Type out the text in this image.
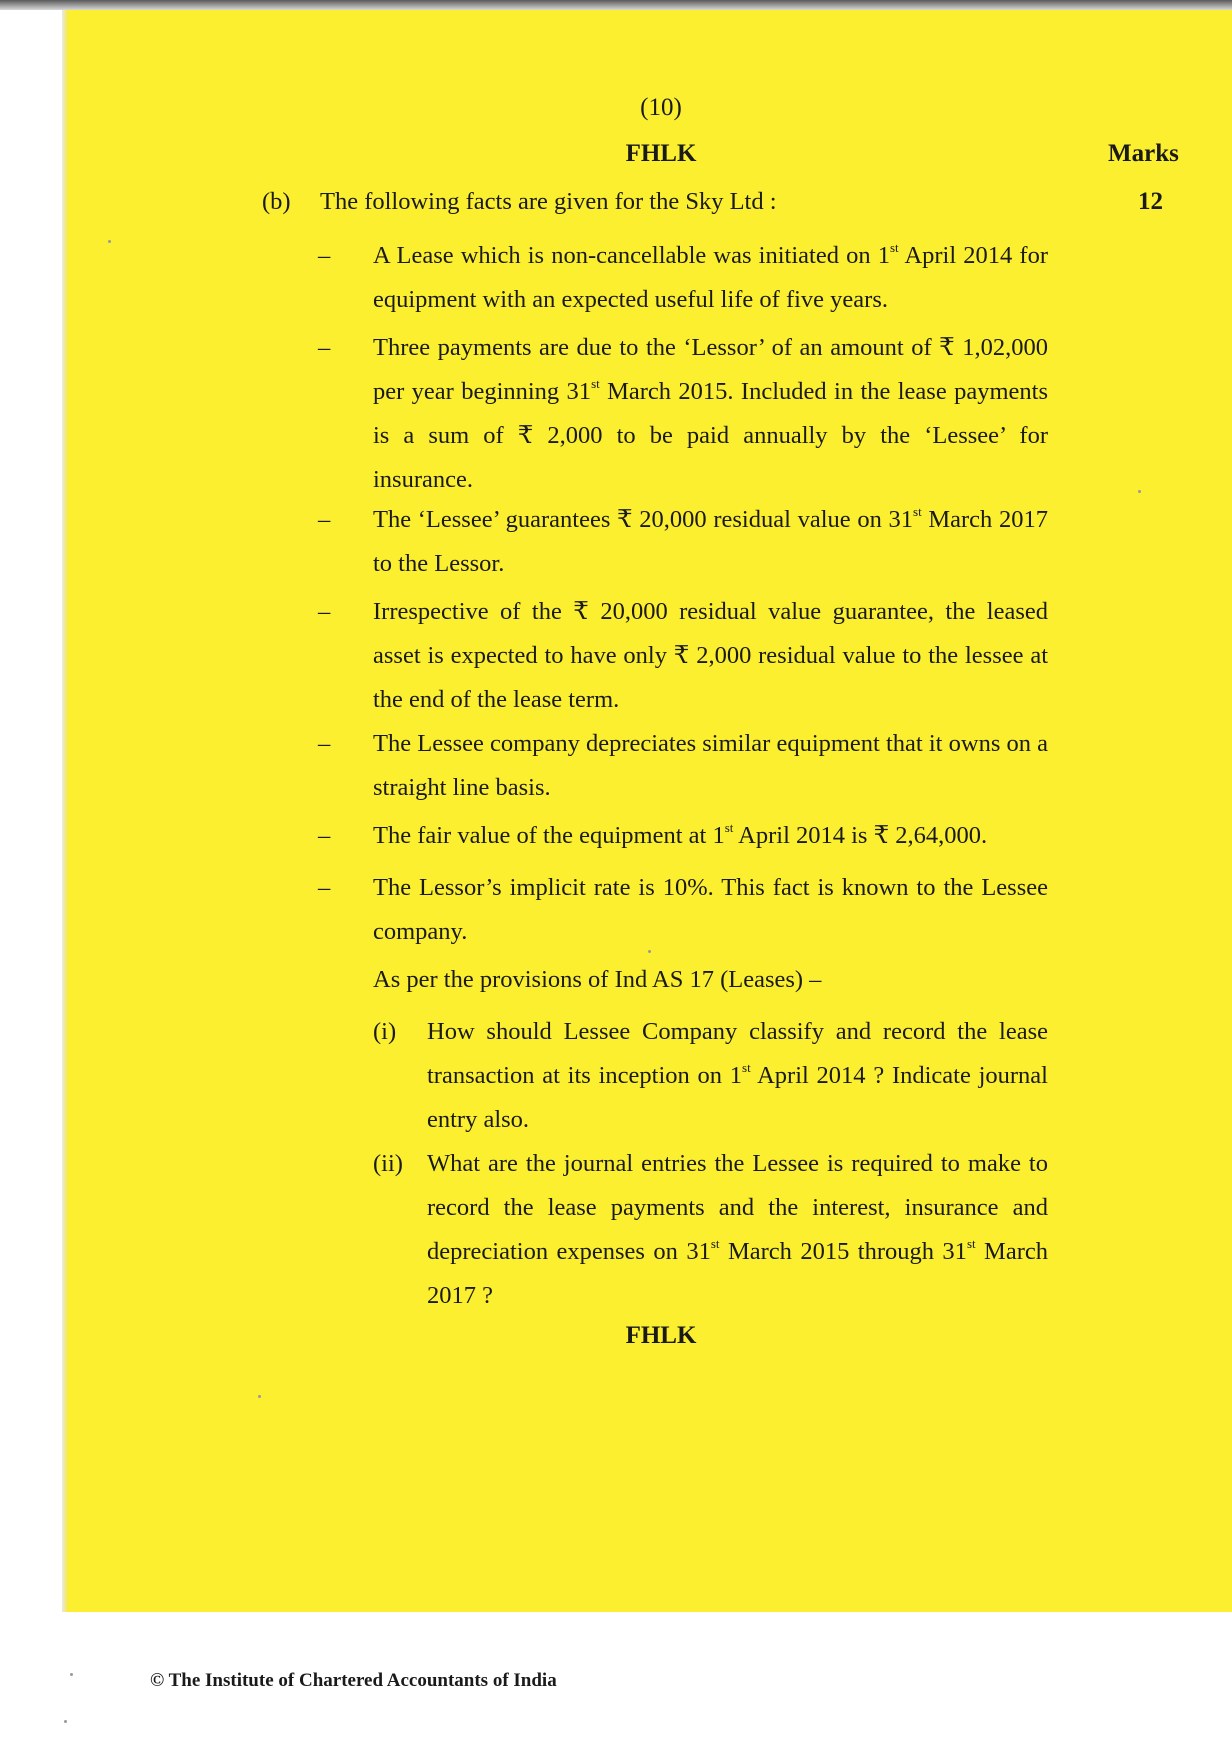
(10)
FHLK	Marks
12
(b) The following facts are given for the Sky Ltd :
– A Lease which is non-cancellable was initiated on 1st April 2014 for equipment with an expected useful life of five years.

– Three payments are due to the ‘Lessor’ of an amount of ₹ 1,02,000 per year beginning 31st March 2015. Included in the lease payments is a sum of ₹ 2,000 to be paid annually by the ‘Lessee’ for insurance.

– The ‘Lessee’ guarantees ₹ 20,000 residual value on 31st March 2017 to the Lessor.

– Irrespective of the ₹ 20,000 residual value guarantee, the leased asset is expected to have only ₹ 2,000 residual value to the lessee at the end of the lease term.

– The Lessee company depreciates similar equipment that it owns on a straight line basis.

– The fair value of the equipment at 1st April 2014 is ₹ 2,64,000.

– The Lessor’s implicit rate is 10%. This fact is known to the Lessee company.

As per the provisions of Ind AS 17 (Leases) –
(i) How should Lessee Company classify and record the lease transaction at its inception on 1st April 2014 ? Indicate journal entry also.

(ii) What are the journal entries the Lessee is required to make to record the lease payments and the interest, insurance and depreciation expenses on 31st March 2015 through 31st March 2017 ?

FHLK
© The Institute of Chartered Accountants of India
